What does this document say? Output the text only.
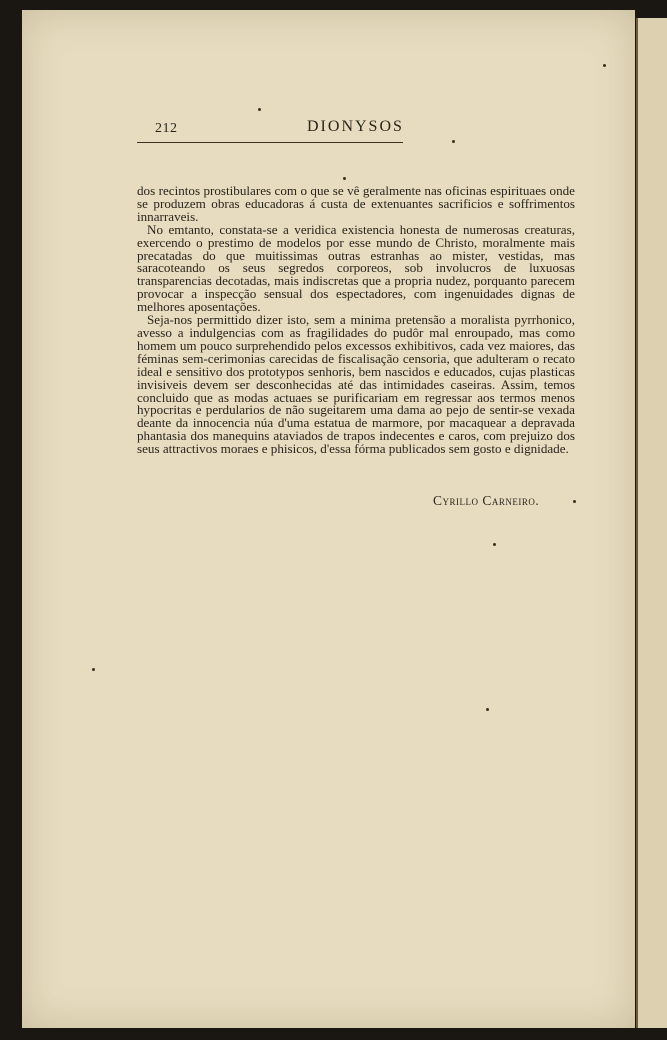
212	DIONYSOS

dos recintos prostibulares com o que se vê geralmente nas oficinas espirituaes onde se produzem obras educadoras á custa de extenuantes sacrificios e soffrimentos innarraveis.

No emtanto, constata-se a veridica existencia honesta de numerosas creaturas, exercendo o prestimo de modelos por esse mundo de Christo, moralmente mais precatadas do que muitissimas outras estranhas ao mister, vestidas, mas saracoteando os seus segredos corporeos, sob involucros de luxuosas transparencias decotadas, mais indiscretas que a propria nudez, porquanto parecem provocar a inspecção sensual dos espectadores, com ingenuidades dignas de melhores aposentações.

Seja-nos permittido dizer isto, sem a minima pretensão a moralista pyrrhonico, avesso a indulgencias com as fragilidades do pudôr mal enroupado, mas como homem um pouco surprehendido pelos excessos exhibitivos, cada vez maiores, das féminas sem-cerimonias carecidas de fiscalisação censoria, que adulteram o recato ideal e sensitivo dos prototypos senhoris, bem nascidos e educados, cujas plasticas invisiveis devem ser desconhecidas até das intimidades caseiras. Assim, temos concluido que as modas actuaes se purificariam em regressar aos termos menos hypocritas e perdularios de não sugeitarem uma dama ao pejo de sentir-se vexada deante da innocencia núa d'uma estatua de marmore, por macaquear a depravada phantasia dos manequins ataviados de trapos indecentes e caros, com prejuizo dos seus attractivos moraes e phisicos, d'essa fórma publicados sem gosto e dignidade.

Cyrillo Carneiro.
